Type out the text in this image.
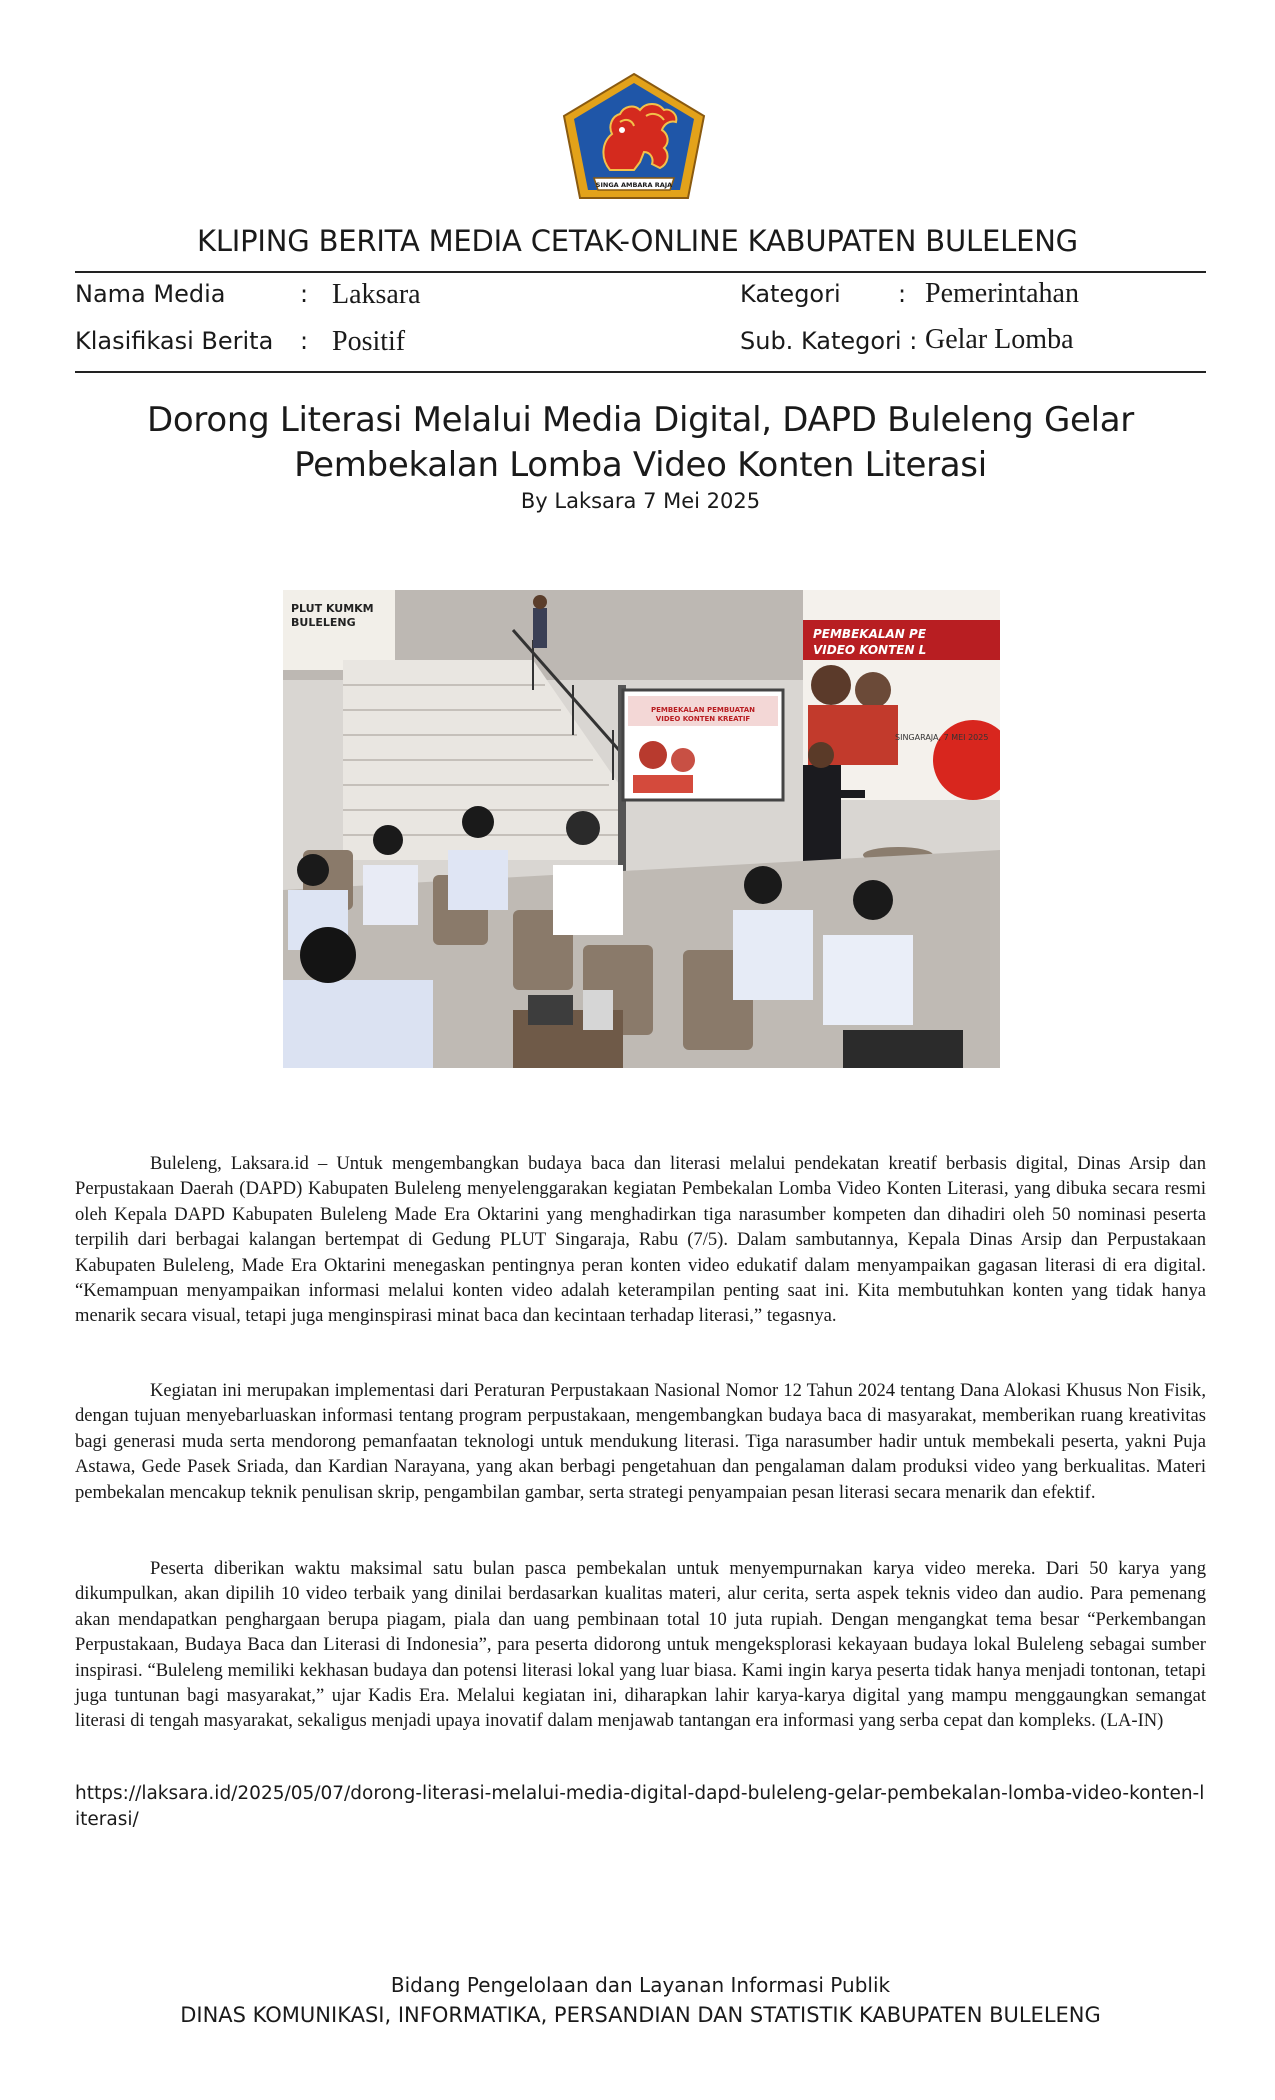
SINGA AMBARA RAJA
KLIPING BERITA MEDIA CETAK-ONLINE KABUPATEN BULELENG
Nama Media	: Laksara	Kategori : Pemerintahan
Klasifikasi Berita : Positif	Sub. Kategori : Gelar Lomba
Dorong Literasi Melalui Media Digital, DAPD Buleleng Gelar Pembekalan Lomba Video Konten Literasi
By Laksara 7 Mei 2025
PLUT KUMKM BULELENG
PEMBEKALAN PE VIDEO KONTEN L
SINGARAJA, 7 MEI 2025
PEMBEKALAN PEMBUATAN
VIDEO KONTEN KREATIF

Buleleng, Laksara.id – Untuk mengembangkan budaya baca dan literasi melalui pendekatan kreatif berbasis digital, Dinas Arsip dan Perpustakaan Daerah (DAPD) Kabupaten Buleleng menyelenggarakan kegiatan Pembekalan Lomba Video Konten Literasi, yang dibuka secara resmi oleh Kepala DAPD Kabupaten Buleleng Made Era Oktarini yang menghadirkan tiga narasumber kompeten dan dihadiri oleh 50 nominasi peserta terpilih dari berbagai kalangan bertempat di Gedung PLUT Singaraja, Rabu (7/5). Dalam sambutannya, Kepala Dinas Arsip dan Perpustakaan Kabupaten Buleleng, Made Era Oktarini menegaskan pentingnya peran konten video edukatif dalam menyampaikan gagasan literasi di era digital. “Kemampuan menyampaikan informasi melalui konten video adalah keterampilan penting saat ini. Kita membutuhkan konten yang tidak hanya menarik secara visual, tetapi juga menginspirasi minat baca dan kecintaan terhadap literasi,” tegasnya.

Kegiatan ini merupakan implementasi dari Peraturan Perpustakaan Nasional Nomor 12 Tahun 2024 tentang Dana Alokasi Khusus Non Fisik, dengan tujuan menyebarluaskan informasi tentang program perpustakaan, mengembangkan budaya baca di masyarakat, memberikan ruang kreativitas bagi generasi muda serta mendorong pemanfaatan teknologi untuk mendukung literasi. Tiga narasumber hadir untuk membekali peserta, yakni Puja Astawa, Gede Pasek Sriada, dan Kardian Narayana, yang akan berbagi pengetahuan dan pengalaman dalam produksi video yang berkualitas. Materi pembekalan mencakup teknik penulisan skrip, pengambilan gambar, serta strategi penyampaian pesan literasi secara menarik dan efektif.

Peserta diberikan waktu maksimal satu bulan pasca pembekalan untuk menyempurnakan karya video mereka. Dari 50 karya yang dikumpulkan, akan dipilih 10 video terbaik yang dinilai berdasarkan kualitas materi, alur cerita, serta aspek teknis video dan audio. Para pemenang akan mendapatkan penghargaan berupa piagam, piala dan uang pembinaan total 10 juta rupiah. Dengan mengangkat tema besar “Perkembangan Perpustakaan, Budaya Baca dan Literasi di Indonesia”, para peserta didorong untuk mengeksplorasi kekayaan budaya lokal Buleleng sebagai sumber inspirasi. “Buleleng memiliki kekhasan budaya dan potensi literasi lokal yang luar biasa. Kami ingin karya peserta tidak hanya menjadi tontonan, tetapi juga tuntunan bagi masyarakat,” ujar Kadis Era. Melalui kegiatan ini, diharapkan lahir karya-karya digital yang mampu menggaungkan semangat literasi di tengah masyarakat, sekaligus menjadi upaya inovatif dalam menjawab tantangan era informasi yang serba cepat dan kompleks. (LA-IN)

https://laksara.id/2025/05/07/dorong-literasi-melalui-media-digital-dapd-buleleng-gelar-pembekalan-lomba-video-konten-literasi/
Bidang Pengelolaan dan Layanan Informasi Publik
DINAS KOMUNIKASI, INFORMATIKA, PERSANDIAN DAN STATISTIK KABUPATEN BULELENG
